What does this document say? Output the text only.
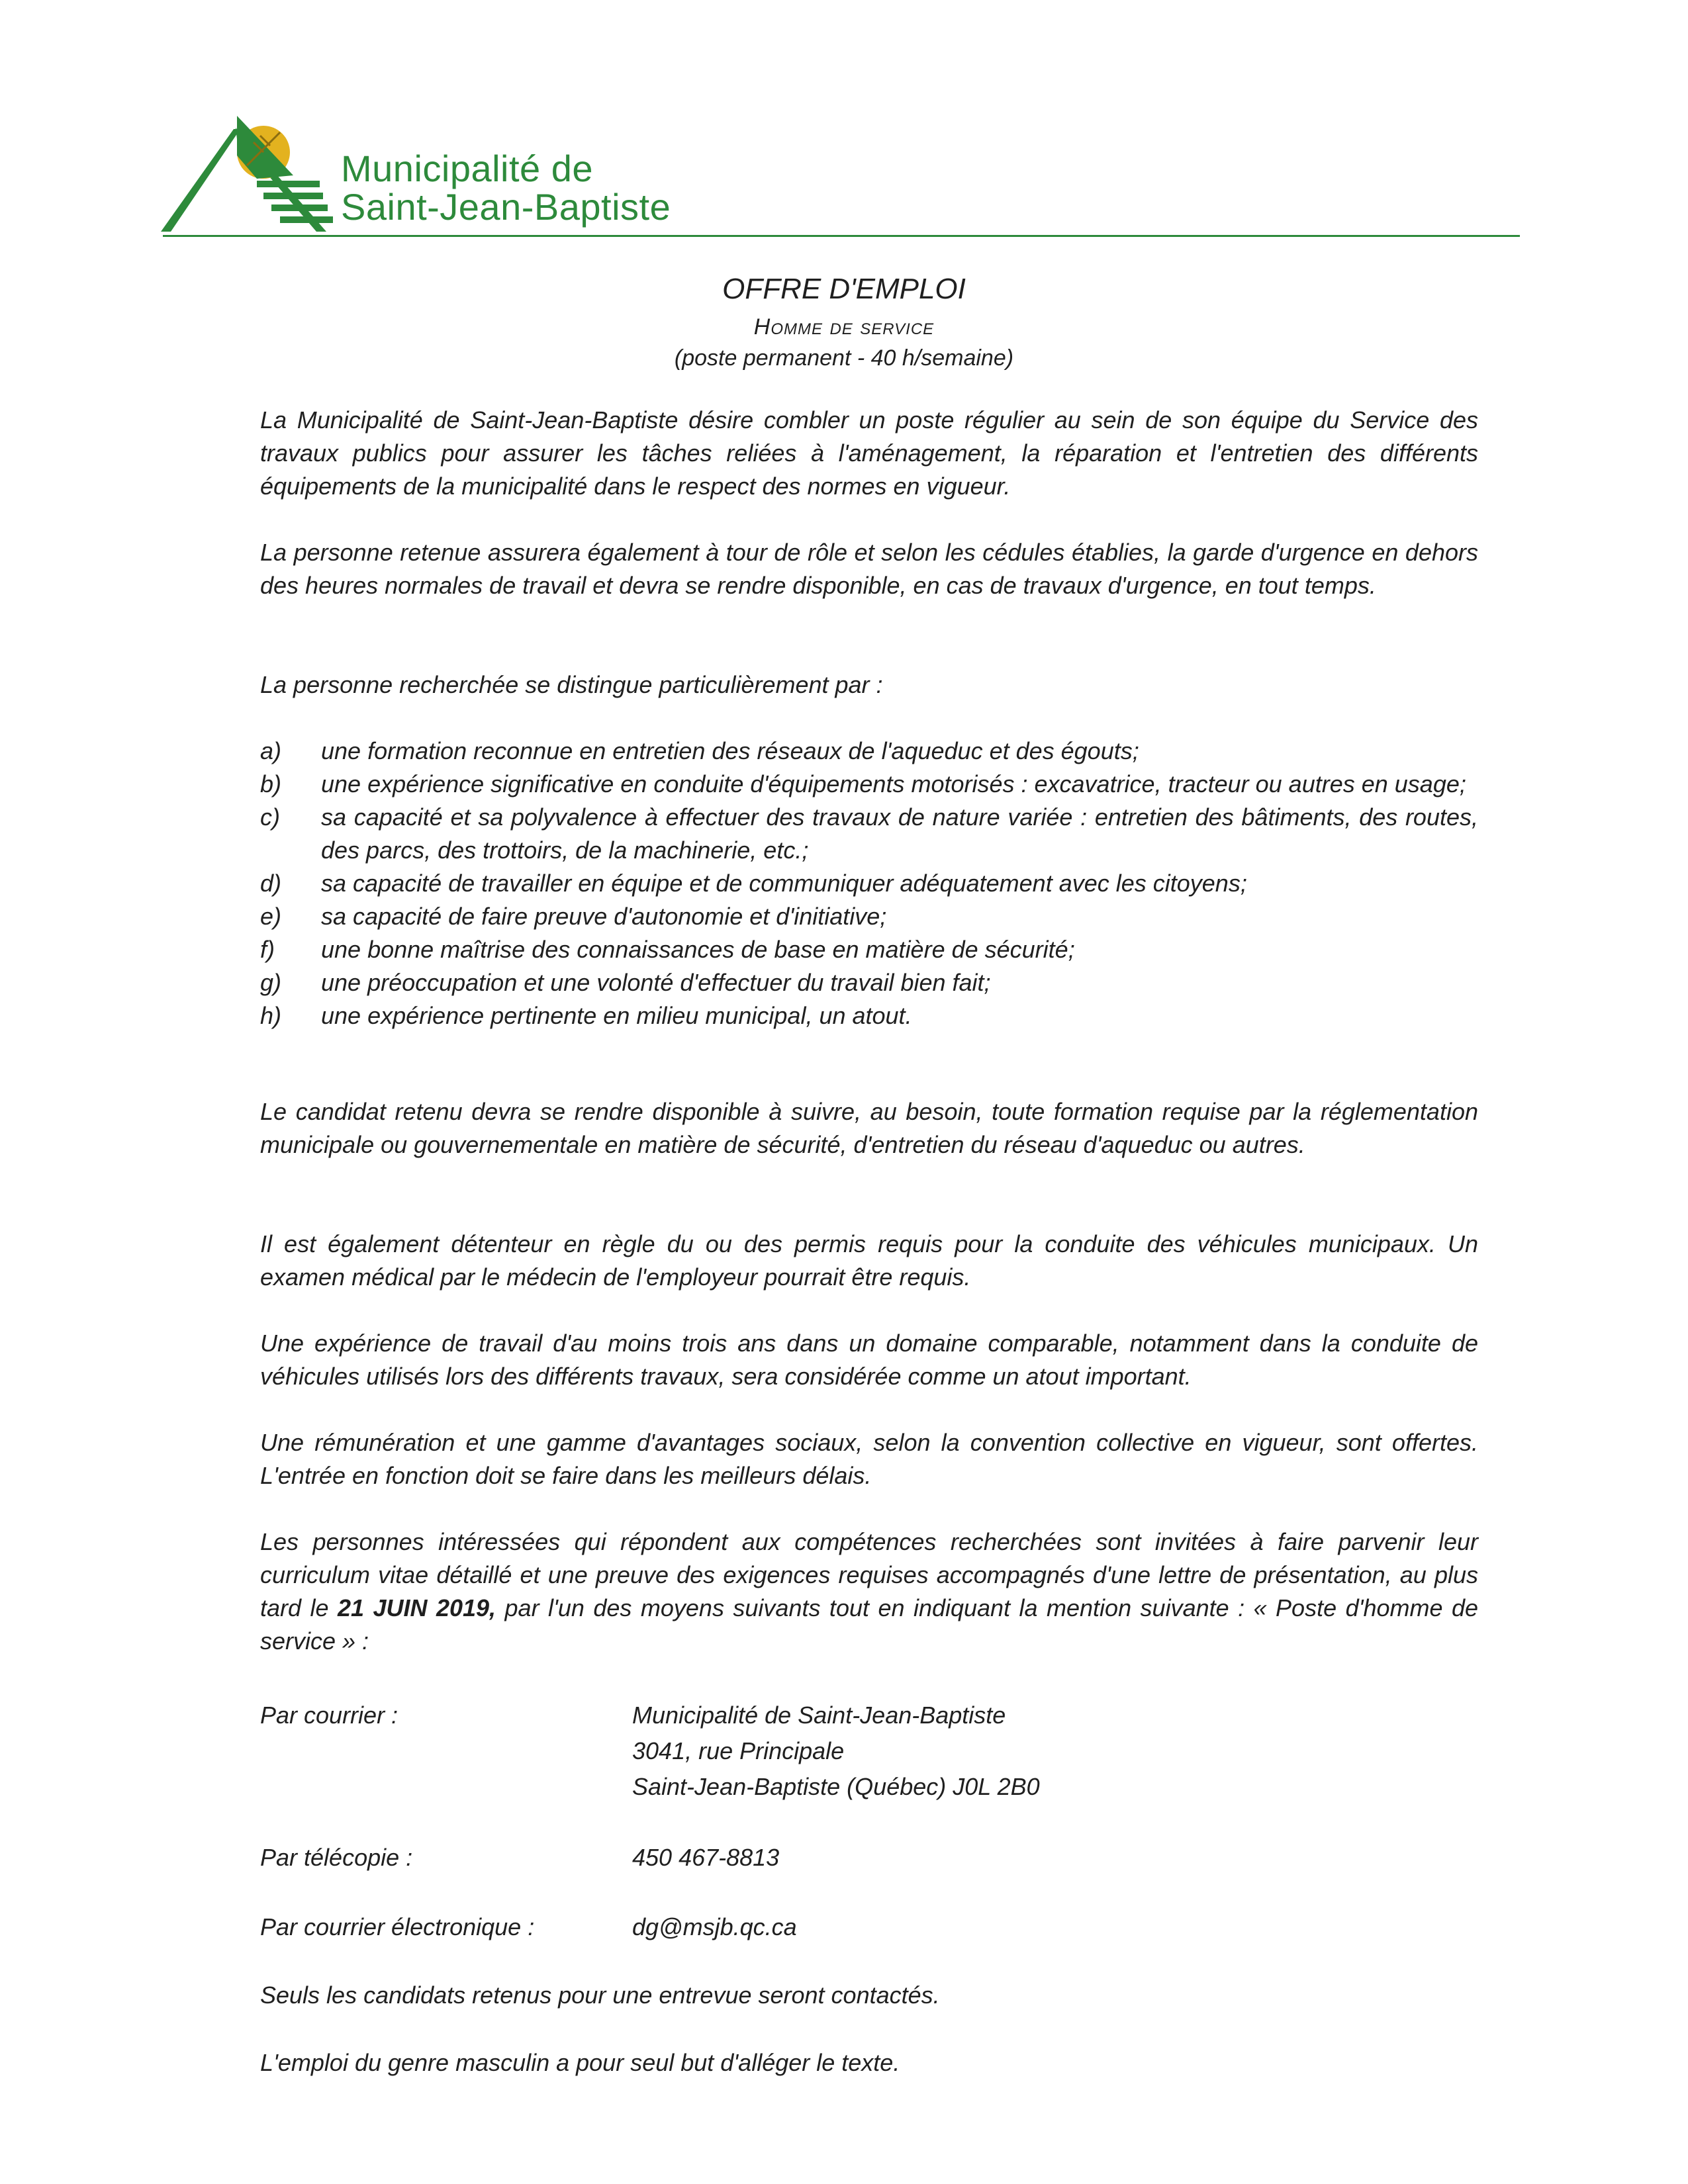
Municipalité de
Saint-Jean-Baptiste
OFFRE D'EMPLOI
Homme de service
(poste permanent - 40 h/semaine)

La Municipalité de Saint-Jean-Baptiste désire combler un poste régulier au sein de son équipe du Service des travaux publics pour assurer les tâches reliées à l'aménagement, la réparation et l'entretien des différents équipements de la municipalité dans le respect des normes en vigueur.

La personne retenue assurera également à tour de rôle et selon les cédules établies, la garde d'urgence en dehors des heures normales de travail et devra se rendre disponible, en cas de travaux d'urgence, en tout temps.

La personne recherchée se distingue particulièrement par :

a)	une formation reconnue en entretien des réseaux de l'aqueduc et des égouts;
b)	une expérience significative en conduite d'équipements motorisés : excavatrice, tracteur ou autres en usage;
c)	sa capacité et sa polyvalence à effectuer des travaux de nature variée : entretien des bâtiments, des routes, des parcs, des trottoirs, de la machinerie, etc.;
d)	sa capacité de travailler en équipe et de communiquer adéquatement avec les citoyens;
e)	sa capacité de faire preuve d'autonomie et d'initiative;
f)	une bonne maîtrise des connaissances de base en matière de sécurité;
g)	une préoccupation et une volonté d'effectuer du travail bien fait;
h)	une expérience pertinente en milieu municipal, un atout.

Le candidat retenu devra se rendre disponible à suivre, au besoin, toute formation requise par la réglementation municipale ou gouvernementale en matière de sécurité, d'entretien du réseau d'aqueduc ou autres.

Il est également détenteur en règle du ou des permis requis pour la conduite des véhicules municipaux. Un examen médical par le médecin de l'employeur pourrait être requis.

Une expérience de travail d'au moins trois ans dans un domaine comparable, notamment dans la conduite de véhicules utilisés lors des différents travaux, sera considérée comme un atout important.

Une rémunération et une gamme d'avantages sociaux, selon la convention collective en vigueur, sont offertes. L'entrée en fonction doit se faire dans les meilleurs délais.

Les personnes intéressées qui répondent aux compétences recherchées sont invitées à faire parvenir leur curriculum vitae détaillé et une preuve des exigences requises accompagnés d'une lettre de présentation, au plus tard le 21 JUIN 2019, par l'un des moyens suivants tout en indiquant la mention suivante : « Poste d'homme de service » :

Par courrier :	Municipalité de Saint-Jean-Baptiste
3041, rue Principale
Saint-Jean-Baptiste (Québec) J0L 2B0
Par télécopie :	450 467-8813
Par courrier électronique :	dg@msjb.qc.ca

Seuls les candidats retenus pour une entrevue seront contactés.

L'emploi du genre masculin a pour seul but d'alléger le texte.
